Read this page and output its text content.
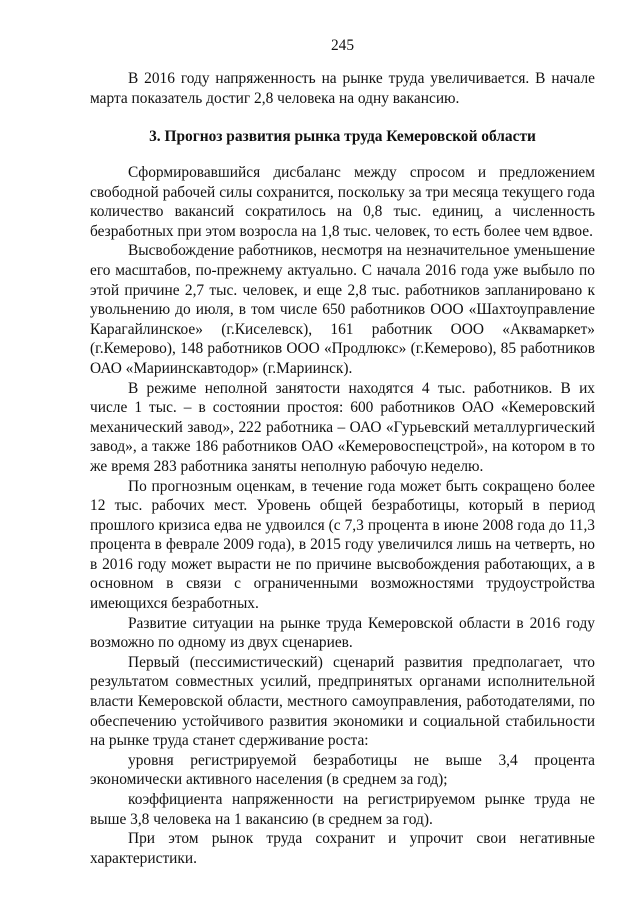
245

В 2016 году напряженность на рынке труда увеличивается. В начале марта показатель достиг 2,8 человека на одну вакансию.

3. Прогноз развития рынка труда Кемеровской области

Сформировавшийся дисбаланс между спросом и предложением свободной рабочей силы сохранится, поскольку за три месяца текущего года количество вакансий сократилось на 0,8 тыс. единиц, а численность безработных при этом возросла на 1,8 тыс. человек, то есть более чем вдвое.

Высвобождение работников, несмотря на незначительное уменьшение его масштабов, по-прежнему актуально. С начала 2016 года уже выбыло по этой причине 2,7 тыс. человек, и еще 2,8 тыс. работников запланировано к увольнению до июля, в том числе 650 работников ООО «Шахтоуправление Карагайлинское» (г.Киселевск), 161 работник ООО «Аквамаркет» (г.Кемерово), 148 работников ООО «Продлюкс» (г.Кемерово), 85 работников ОАО «Мариинскавтодор» (г.Мариинск).

В режиме неполной занятости находятся 4 тыс. работников. В их числе 1 тыс. – в состоянии простоя: 600 работников ОАО «Кемеровский механический завод», 222 работника – ОАО «Гурьевский металлургический завод», а также 186 работников ОАО «Кемеровоспецстрой», на котором в то же время 283 работника заняты неполную рабочую неделю.

По прогнозным оценкам, в течение года может быть сокращено более 12 тыс. рабочих мест. Уровень общей безработицы, который в период прошлого кризиса едва не удвоился (с 7,3 процента в июне 2008 года до 11,3 процента в феврале 2009 года), в 2015 году увеличился лишь на четверть, но в 2016 году может вырасти не по причине высвобождения работающих, а в основном в связи с ограниченными возможностями трудоустройства имеющихся безработных.

Развитие ситуации на рынке труда Кемеровской области в 2016 году возможно по одному из двух сценариев.

Первый (пессимистический) сценарий развития предполагает, что результатом совместных усилий, предпринятых органами исполнительной власти Кемеровской области, местного самоуправления, работодателями, по обеспечению устойчивого развития экономики и социальной стабильности на рынке труда станет сдерживание роста:

уровня регистрируемой безработицы не выше 3,4 процента экономически активного населения (в среднем за год);

коэффициента напряженности на регистрируемом рынке труда не выше 3,8 человека на 1 вакансию (в среднем за год).

При этом рынок труда сохранит и упрочит свои негативные характеристики.
